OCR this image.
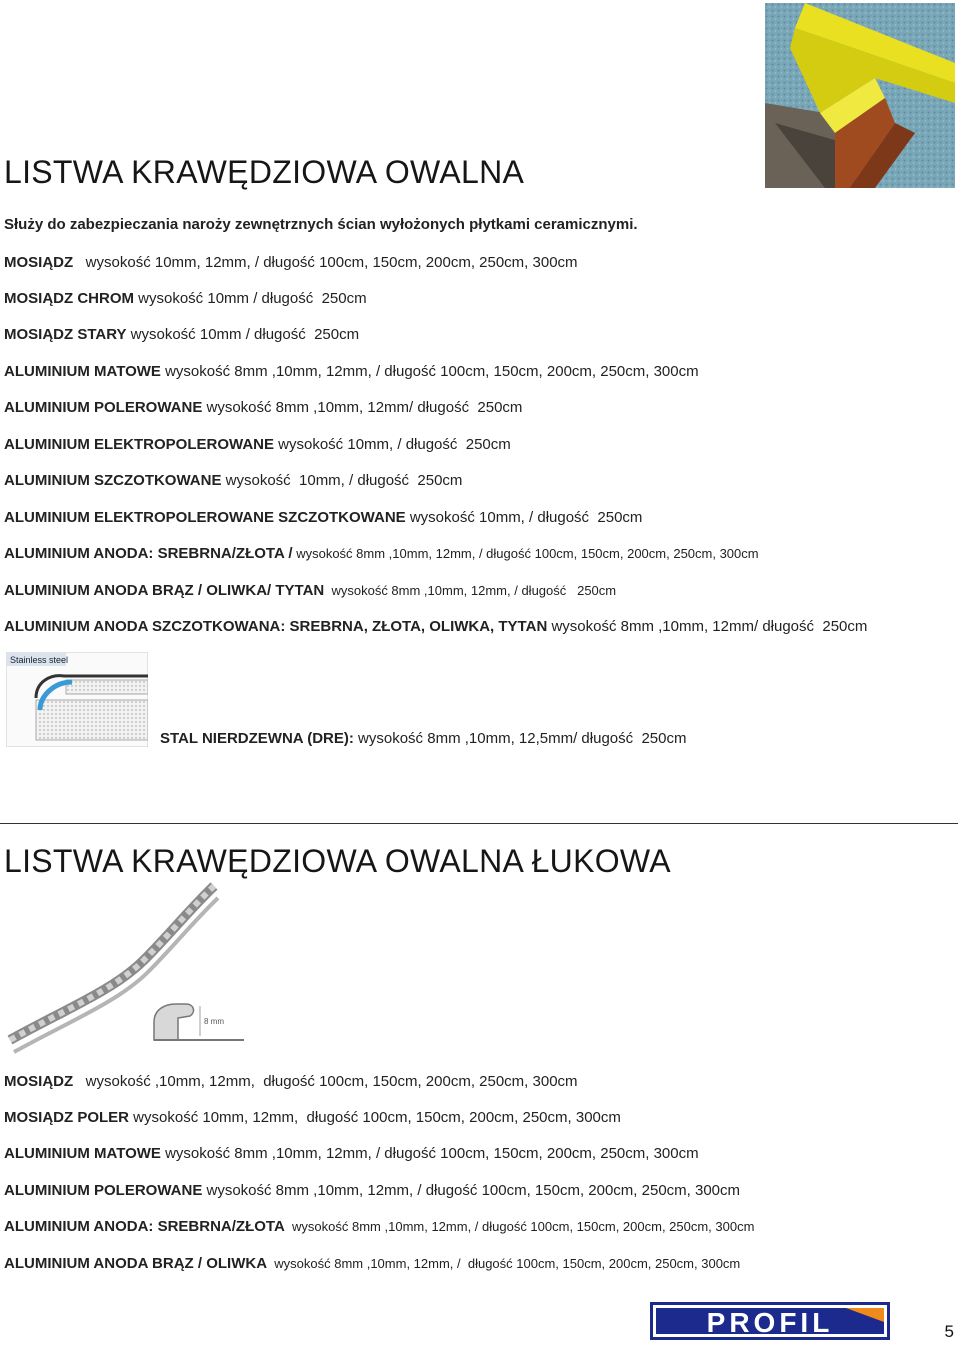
LISTWA KRAWĘDZIOWA OWALNA
Służy do zabezpieczania naroży zewnętrznych ścian wyłożonych płytkami ceramicznymi.
MOSIĄDZ   wysokość 10mm, 12mm, / długość 100cm, 150cm, 200cm, 250cm, 300cm
MOSIĄDZ CHROM wysokość 10mm / długość  250cm
MOSIĄDZ STARY wysokość 10mm / długość  250cm
ALUMINIUM MATOWE wysokość 8mm ,10mm, 12mm, / długość 100cm, 150cm, 200cm, 250cm, 300cm
ALUMINIUM POLEROWANE wysokość 8mm ,10mm, 12mm/ długość  250cm
ALUMINIUM ELEKTROPOLEROWANE wysokość 10mm, / długość  250cm
ALUMINIUM SZCZOTKOWANE wysokość  10mm, / długość  250cm
ALUMINIUM ELEKTROPOLEROWANE SZCZOTKOWANE wysokość 10mm, / długość  250cm
ALUMINIUM ANODA: SREBRNA/ZŁOTA / wysokość 8mm ,10mm, 12mm, / długość 100cm, 150cm, 200cm, 250cm, 300cm
ALUMINIUM ANODA BRĄZ / OLIWKA/ TYTAN  wysokość 8mm ,10mm, 12mm, / długość   250cm
ALUMINIUM ANODA SZCZOTKOWANA: SREBRNA, ZŁOTA, OLIWKA, TYTAN wysokość 8mm ,10mm, 12mm/ długość  250cm
Stainless steel
STAL NIERDZEWNA (DRE): wysokość 8mm ,10mm, 12,5mm/ długość  250cm
LISTWA KRAWĘDZIOWA OWALNA ŁUKOWA
8 mm
MOSIĄDZ   wysokość ,10mm, 12mm,  długość 100cm, 150cm, 200cm, 250cm, 300cm
MOSIĄDZ POLER wysokość 10mm, 12mm,  długość 100cm, 150cm, 200cm, 250cm, 300cm
ALUMINIUM MATOWE wysokość 8mm ,10mm, 12mm, / długość 100cm, 150cm, 200cm, 250cm, 300cm
ALUMINIUM POLEROWANE wysokość 8mm ,10mm, 12mm, / długość 100cm, 150cm, 200cm, 250cm, 300cm
ALUMINIUM ANODA: SREBRNA/ZŁOTA  wysokość 8mm ,10mm, 12mm, / długość 100cm, 150cm, 200cm, 250cm, 300cm
ALUMINIUM ANODA BRĄZ / OLIWKA  wysokość 8mm ,10mm, 12mm, /  długość 100cm, 150cm, 200cm, 250cm, 300cm
PROFIL	5
